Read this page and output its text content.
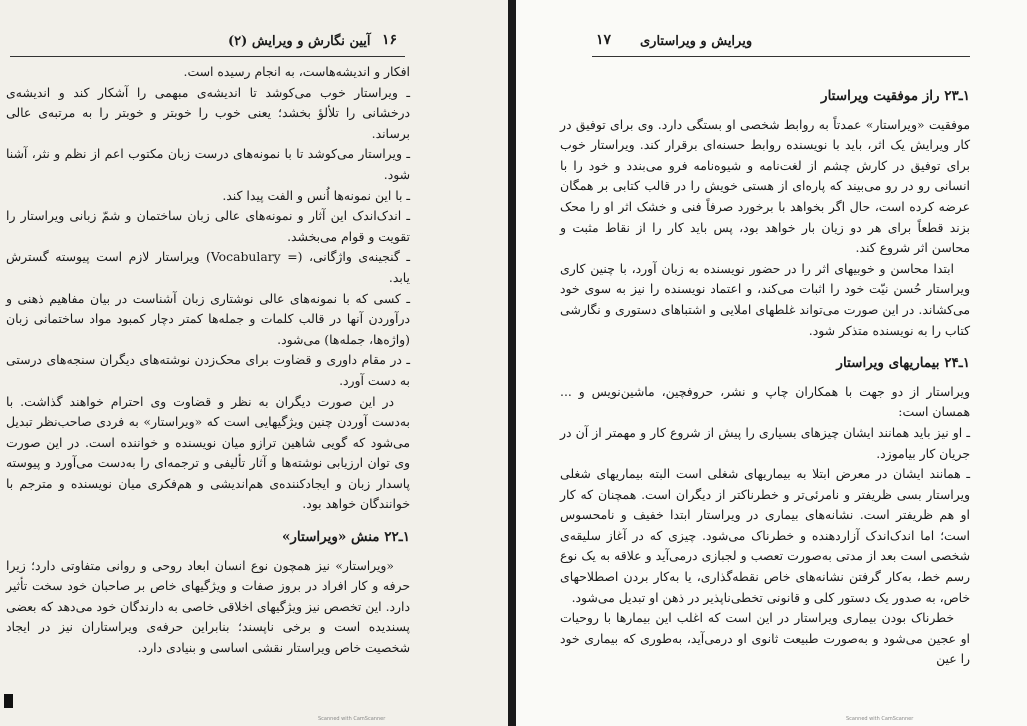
۱۶
آیین نگارش و ویرایش (۲)

افکار و اندیشه‌هاست، به انجام رسیده است.

ـ ویراستار خوب می‌کوشد تا اندیشه‌ی مبهمی را آشکار کند و اندیشه‌ی درخشانی را تلألؤ بخشد؛ یعنی خوب را خوبتر و خوبتر را به مرتبه‌ی عالی برساند.

ـ ویراستار می‌کوشد تا با نمونه‌های درست زبان مکتوب اعم از نظم و نثر، آشنا شود.

ـ با این نمونه‌ها اُنس و الفت پیدا کند.

ـ اندک‌اندک این آثار و نمونه‌های عالی زبان ساختمان و شمّ زبانی ویراستار را تقویت و قوام می‌بخشد.

ـ گنجینه‌ی واژگانی، (= Vocabulary) ویراستار لازم است پیوسته گسترش یابد.

ـ کسی که با نمونه‌های عالی نوشتاری زبان آشناست در بیان مفاهیم ذهنی و درآوردن آنها در قالب کلمات و جمله‌ها کمتر دچار کمبود مواد ساختمانی زبان (واژه‌ها، جمله‌ها) می‌شود.

ـ در مقام داوری و قضاوت برای محک‌زدن نوشته‌های دیگران سنجه‌های درستی به دست آورد.

در این صورت دیگران به نظر و قضاوت وی احترام خواهند گذاشت. با به‌دست آوردن چنین ویژگیهایی است که «ویراستار» به فردی صاحب‌نظر تبدیل می‌شود که گویی شاهین ترازو میان نویسنده و خواننده است. در این صورت وی توان ارزیابی نوشته‌ها و آثار تألیفی و ترجمه‌ای را به‌دست می‌آورد و پیوسته پاسدار زبان و ایجادکننده‌ی هم‌اندیشی و هم‌فکری میان نویسنده و مترجم با خوانندگان خواهد بود.

۱ـ۲۲ منش «ویراستار»

«ویراستار» نیز همچون نوع انسان ابعاد روحی و روانی متفاوتی دارد؛ زیرا حرفه و کار افراد در بروز صفات و ویژگیهای خاص بر صاحبان خود سخت تأثیر دارد. این تخصص نیز ویژگیهای اخلاقی خاصی به دارندگان خود می‌دهد که بعضی پسندیده است و برخی ناپسند؛ بنابراین حرفه‌ی ویراستاران نیز در ایجاد شخصیت خاص ویراستار نقشی اساسی و بنیادی دارد.

Scanned with CamScanner
ویرایش و ویراستاری
۱۷
۱ـ۲۳ راز موفقیت ویراستار

موفقیت «ویراستار» عمدتاً به روابط شخصی او بستگی دارد. وی برای توفیق در کار ویرایش یک اثر، باید با نویسنده روابط حسنه‌ای برقرار کند. ویراستار خوب برای توفیق در کارش چشم از لغت‌نامه و شیوه‌نامه فرو می‌بندد و خود را با انسانی رو در رو می‌بیند که پاره‌ای از هستی خویش را در قالب کتابی بر همگان عرضه کرده است، حال اگر بخواهد با برخورد صرفاً فنی و خشک اثر او را محک بزند قطعاً برای هر دو زیان بار خواهد بود، پس باید کار را از نقاط مثبت و محاسن اثر شروع کند.

ابتدا محاسن و خوبیهای اثر را در حضور نویسنده به زبان آورد، با چنین کاری ویراستار حُسن نیّت خود را اثبات می‌کند، و اعتماد نویسنده را نیز به سوی خود می‌کشاند. در این صورت می‌تواند غلطهای املایی و اشتباهای دستوری و نگارشی کتاب را به نویسنده متذکر شود.

۱ـ۲۴ بیماریهای ویراستار

ویراستار از دو جهت با همکاران چاپ و نشر، حروفچین، ماشین‌نویس و ... همسان است:

ـ او نیز باید همانند ایشان چیزهای بسیاری را پیش از شروع کار و مهمتر از آن در جریان کار بیاموزد.

ـ همانند ایشان در معرض ابتلا به بیماریهای شغلی است البته بیماریهای شغلی ویراستار بسی ظریفتر و نامرئی‌تر و خطرناکتر از دیگران است. همچنان که کار او هم ظریفتر است. نشانه‌های بیماری در ویراستار ابتدا خفیف و نامحسوس است؛ اما اندک‌اندک آزاردهنده و خطرناک می‌شود. چیزی که در آغاز سلیقه‌ی شخصی است بعد از مدتی به‌صورت تعصب و لجبازی درمی‌آید و علاقه به یک نوع رسم خط، به‌کار گرفتن نشانه‌های خاص نقطه‌گذاری، یا به‌کار بردن اصطلاحهای خاص، به صدور یک دستور کلی و قانونی تخطی‌ناپذیر در ذهن او تبدیل می‌شود.

خطرناک بودن بیماری ویراستار در این است که اغلب این بیمارها با روحیات او عجین می‌شود و به‌صورت طبیعت ثانوی او درمی‌آید، به‌طوری که بیماری خود را عین

Scanned with CamScanner
